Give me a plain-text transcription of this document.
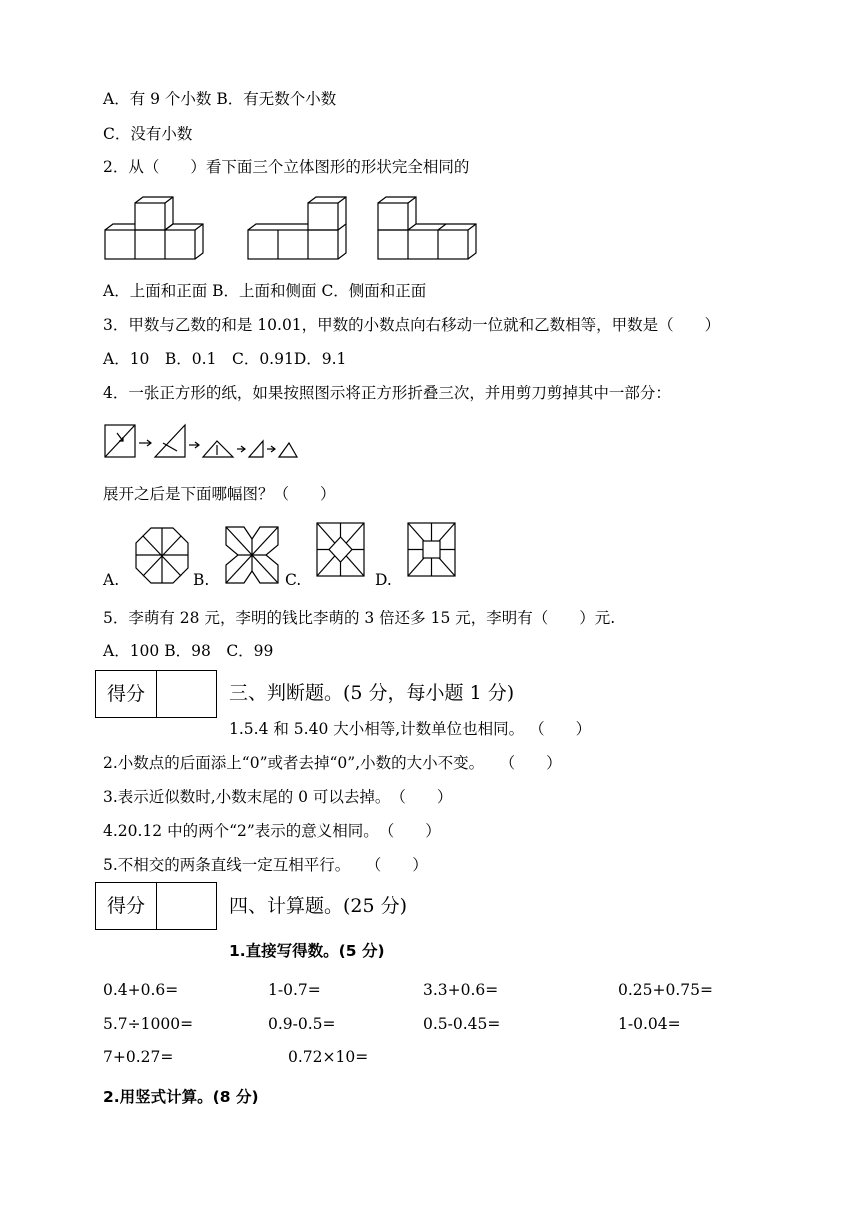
A．有 9 个小数 B．有无数个小数
C．没有小数
2．从（　　）看下面三个立体图形的形状完全相同的
A．上面和正面 B．上面和侧面 C．侧面和正面
3．甲数与乙数的和是 10.01，甲数的小数点向右移动一位就和乙数相等，甲数是（　　）
A．10　B．0.1　C．0.91D．9.1
4．一张正方形的纸，如果按照图示将正方形折叠三次，并用剪刀剪掉其中一部分：
展开之后是下面哪幅图？（　　）
A.	B.	C.	D.
5．李萌有 28 元，李明的钱比李萌的 3 倍还多 15 元，李明有（　　）元.
A．100 B．98　C．99
得分	三、判断题。(5 分，每小题 1 分)
1.5.4 和 5.40 大小相等,计数单位也相同。 （　　）
2.小数点的后面添上“0”或者去掉“0”,小数的大小不变。　　（　　）
3.表示近似数时,小数末尾的 0 可以去掉。　（　　）
4.20.12 中的两个“2”表示的意义相同。　（　　）
5.不相交的两条直线一定互相平行。　　（　　）
得分	四、计算题。(25 分)
1.直接写得数。(5 分)
0.4+0.6=	1-0.7=	3.3+0.6=	0.25+0.75=
5.7÷1000=	0.9-0.5=	0.5-0.45=	1-0.04=
7+0.27=	0.72×10=
2.用竖式计算。(8 分)
